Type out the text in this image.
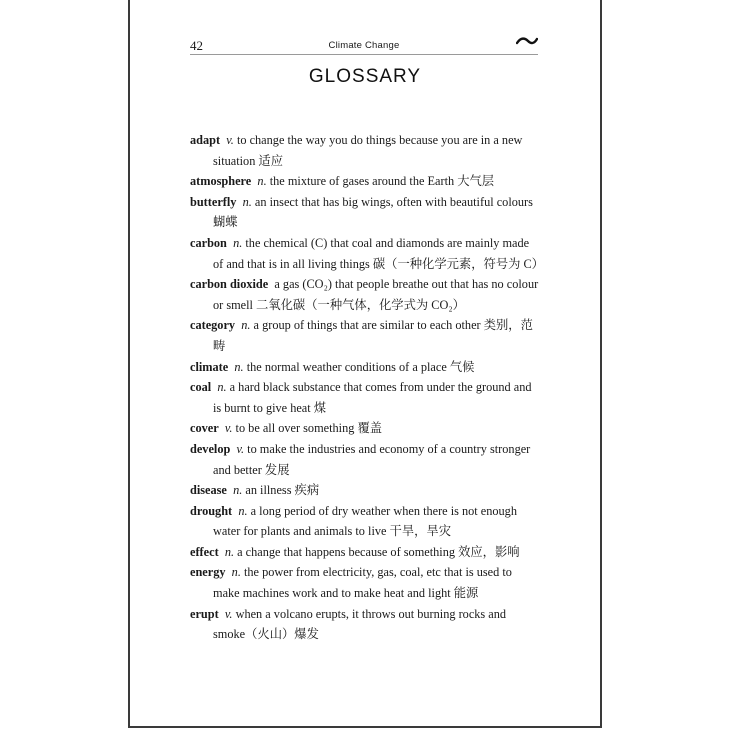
42	Climate Change
GLOSSARY
adapt v. to change the way you do things because you are in a new situation 适应
atmosphere n. the mixture of gases around the Earth 大气层
butterfly n. an insect that has big wings, often with beautiful colours 蝴蝶
carbon n. the chemical (C) that coal and diamonds are mainly made of and that is in all living things 碳（一种化学元素，符号为 C）
carbon dioxide a gas (CO₂) that people breathe out that has no colour or smell 二氧化碳（一种气体，化学式为 CO₂）
category n. a group of things that are similar to each other 类别，范畴
climate n. the normal weather conditions of a place 气候
coal n. a hard black substance that comes from under the ground and is burnt to give heat 煤
cover v. to be all over something 覆盖
develop v. to make the industries and economy of a country stronger and better 发展
disease n. an illness 疾病
drought n. a long period of dry weather when there is not enough water for plants and animals to live 干旱，旱灾
effect n. a change that happens because of something 效应，影响
energy n. the power from electricity, gas, coal, etc that is used to make machines work and to make heat and light 能源
erupt v. when a volcano erupts, it throws out burning rocks and smoke（火山）爆发
